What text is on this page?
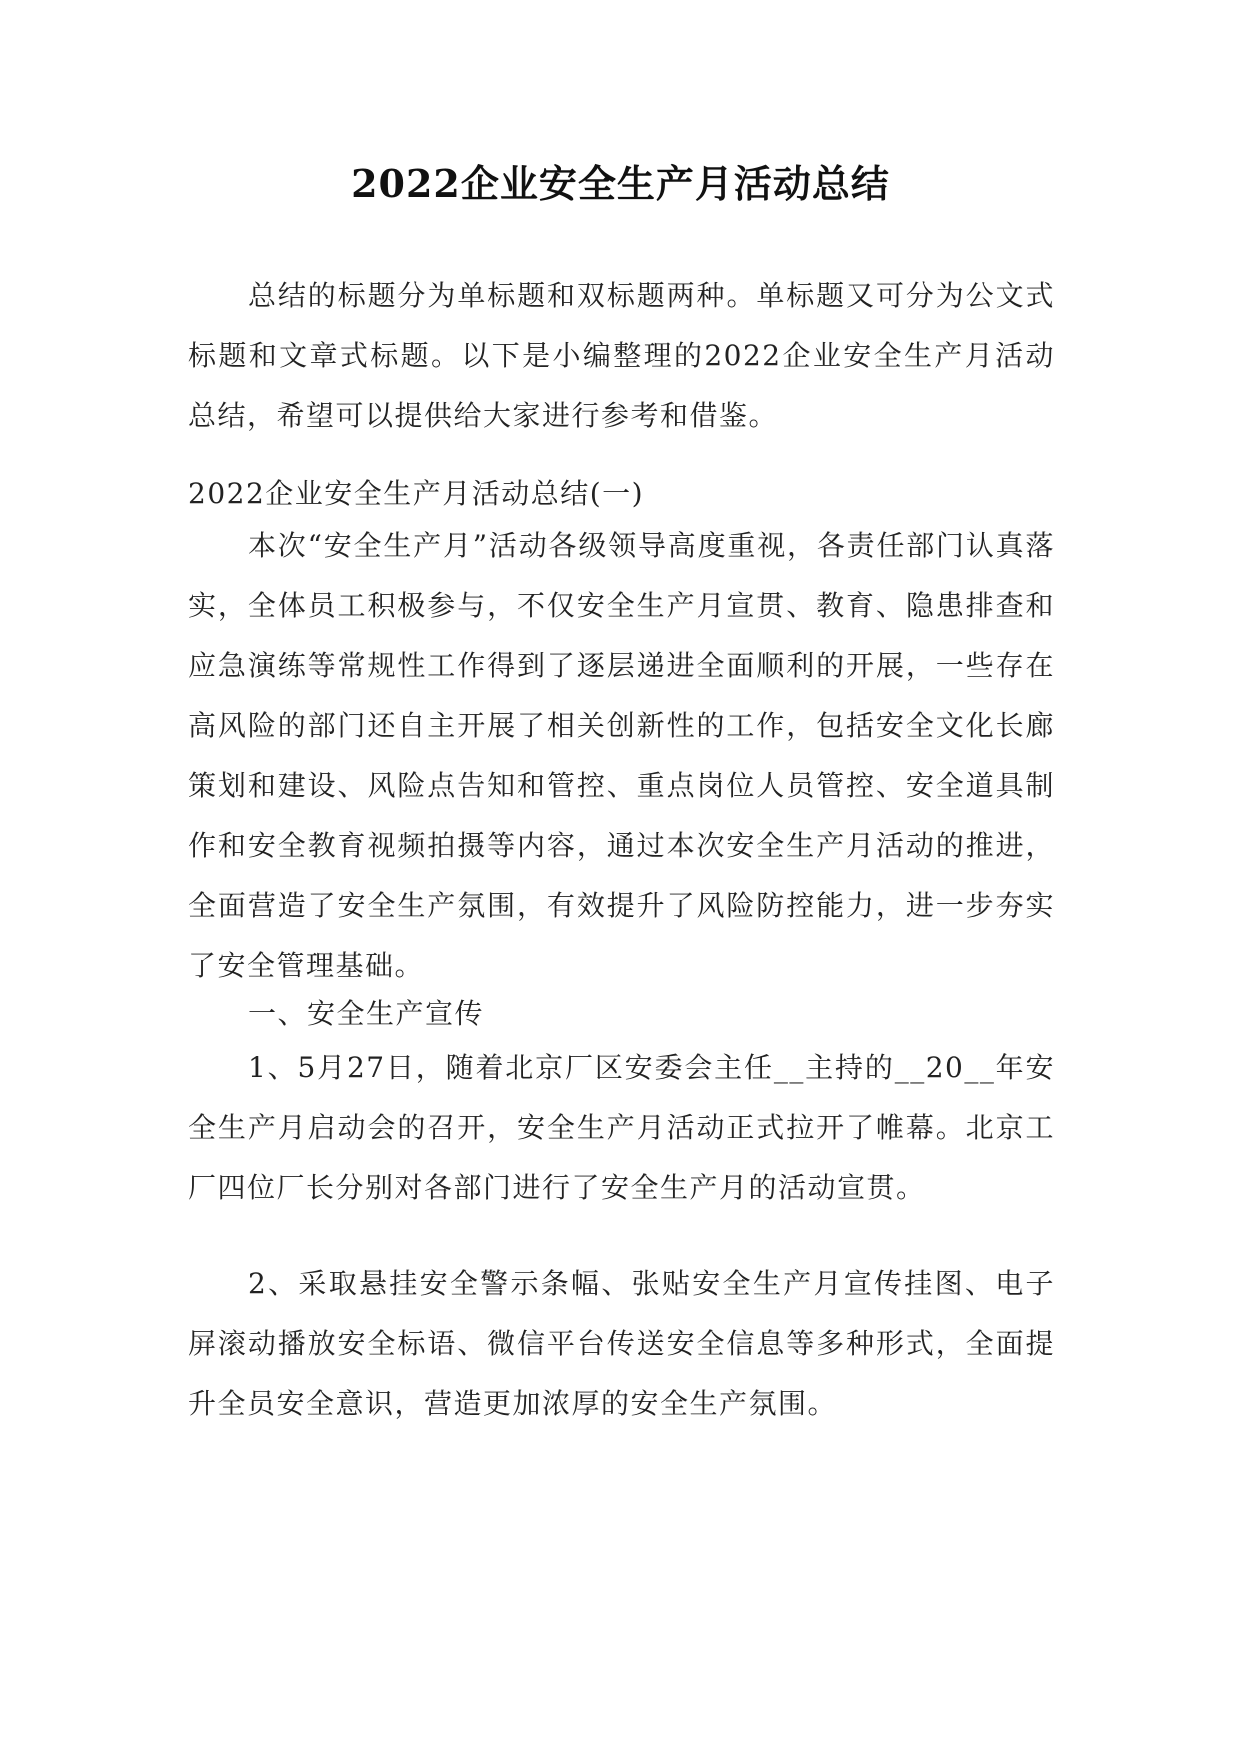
2022企业安全生产月活动总结

总结的标题分为单标题和双标题两种。单标题又可分为公文式标题和文章式标题。以下是小编整理的2022企业安全生产月活动总结，希望可以提供给大家进行参考和借鉴。

2022企业安全生产月活动总结(一)

本次“安全生产月”活动各级领导高度重视，各责任部门认真落实，全体员工积极参与，不仅安全生产月宣贯、教育、隐患排查和应急演练等常规性工作得到了逐层递进全面顺利的开展，一些存在高风险的部门还自主开展了相关创新性的工作，包括安全文化长廊策划和建设、风险点告知和管控、重点岗位人员管控、安全道具制作和安全教育视频拍摄等内容，通过本次安全生产月活动的推进，全面营造了安全生产氛围，有效提升了风险防控能力，进一步夯实了安全管理基础。

一、安全生产宣传

1、5月27日，随着北京厂区安委会主任__主持的__20__年安全生产月启动会的召开，安全生产月活动正式拉开了帷幕。北京工厂四位厂长分别对各部门进行了安全生产月的活动宣贯。

2、采取悬挂安全警示条幅、张贴安全生产月宣传挂图、电子屏滚动播放安全标语、微信平台传送安全信息等多种形式，全面提升全员安全意识，营造更加浓厚的安全生产氛围。
